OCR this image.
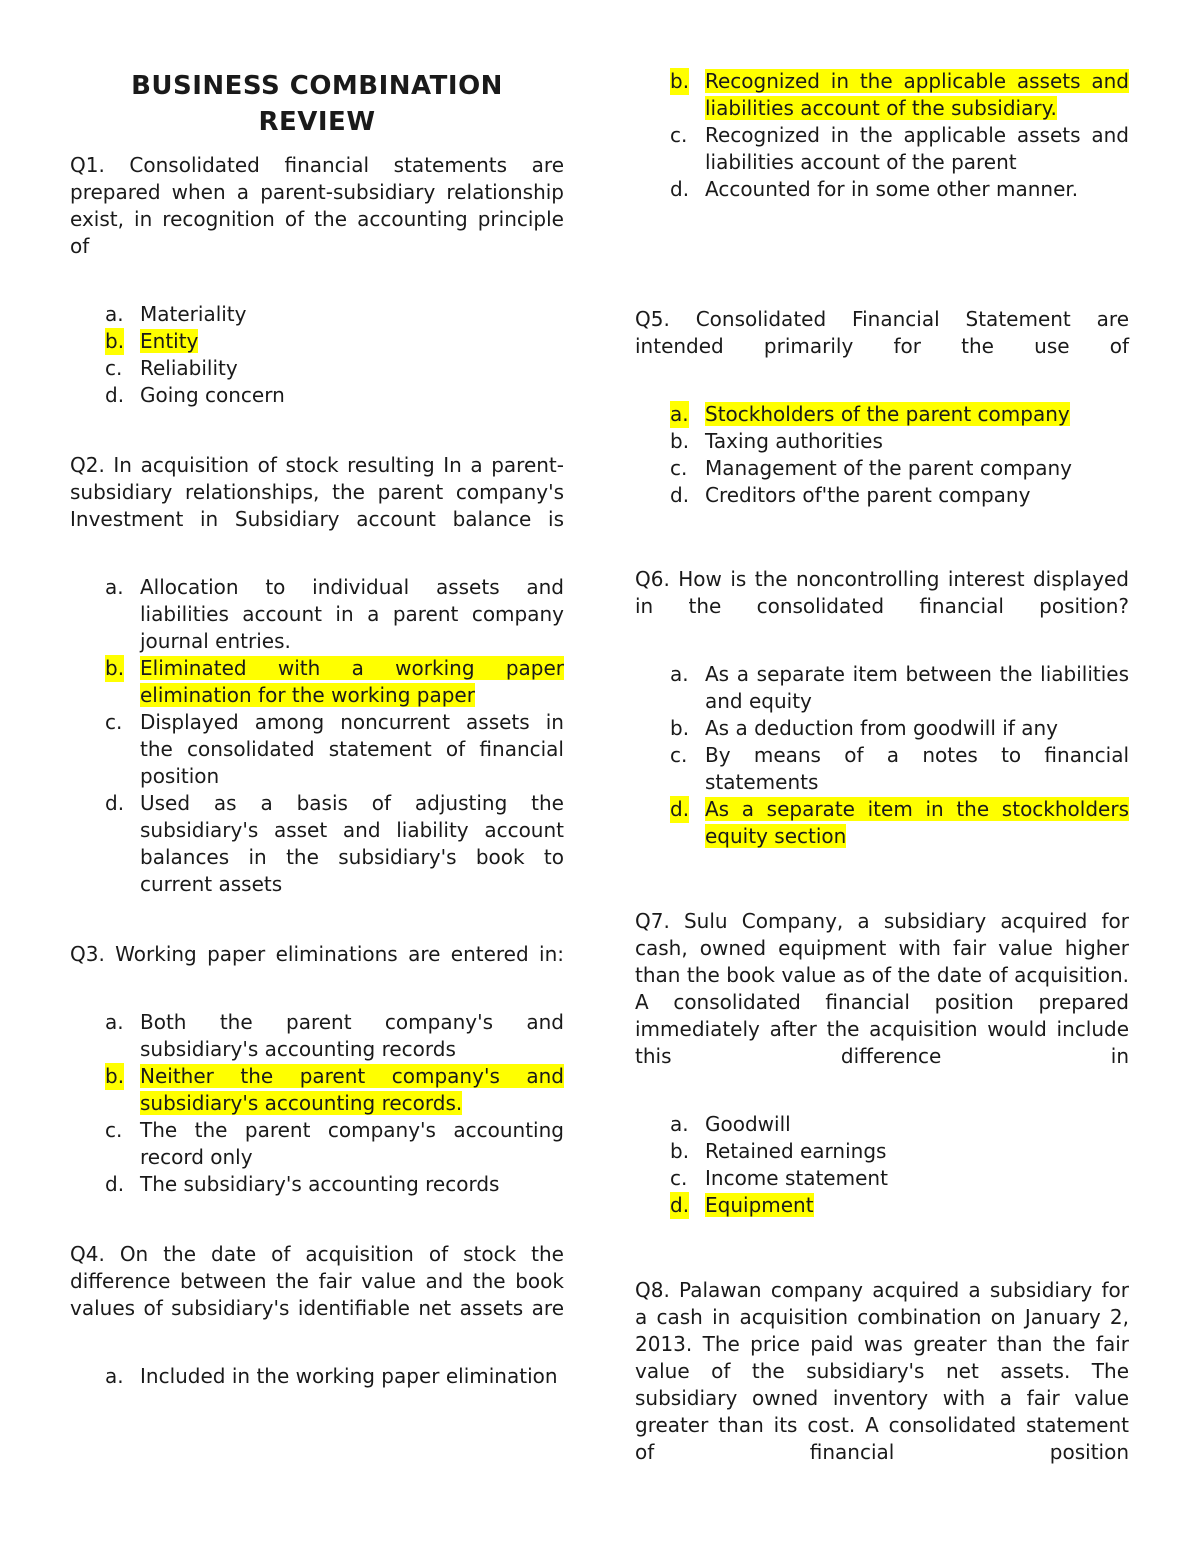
BUSINESS COMBINATION
REVIEW
Q1. Consolidated financial statements are prepared when a parent-subsidiary relationship exist, in recognition of the accounting principle of
a. Materiality
b. Entity
c. Reliability
d. Going concern
Q2. In acquisition of stock resulting In a parent-subsidiary relationships, the parent company's Investment in Subsidiary account balance is
a. Allocation to individual assets and liabilities account in a parent company journal entries.
b. Eliminated with a working paper elimination for the working paper
c. Displayed among noncurrent assets in the consolidated statement of financial position
d. Used as a basis of adjusting the subsidiary's asset and liability account balances in the subsidiary's book to current assets
Q3. Working paper eliminations are entered in:
a. Both the parent company's and subsidiary's accounting records
b. Neither the parent company's and subsidiary's accounting records.
c. The the parent company's accounting record only
d. The subsidiary's accounting records
Q4. On the date of acquisition of stock the difference between the fair value and the book values of subsidiary's identifiable net assets are
a. Included in the working paper elimination
b. Recognized in the applicable assets and liabilities account of the subsidiary.
c. Recognized in the applicable assets and liabilities account of the parent
d. Accounted for in some other manner.
Q5. Consolidated Financial Statement are intended primarily for the use of
a. Stockholders of the parent company
b. Taxing authorities
c. Management of the parent company
d. Creditors of'the parent company
Q6. How is the noncontrolling interest displayed in the consolidated financial position?
a. As a separate item between the liabilities and equity
b. As a deduction from goodwill if any
c. By means of a notes to financial statements
d. As a separate item in the stockholders equity section
Q7. Sulu Company, a subsidiary acquired for cash, owned equipment with fair value higher than the book value as of the date of acquisition. A consolidated financial position prepared immediately after the acquisition would include this difference in
a. Goodwill
b. Retained earnings
c. Income statement
d. Equipment
Q8. Palawan company acquired a subsidiary for a cash in acquisition combination on January 2, 2013. The price paid was greater than the fair value of the subsidiary's net assets. The subsidiary owned inventory with a fair value greater than its cost. A consolidated statement of financial position
